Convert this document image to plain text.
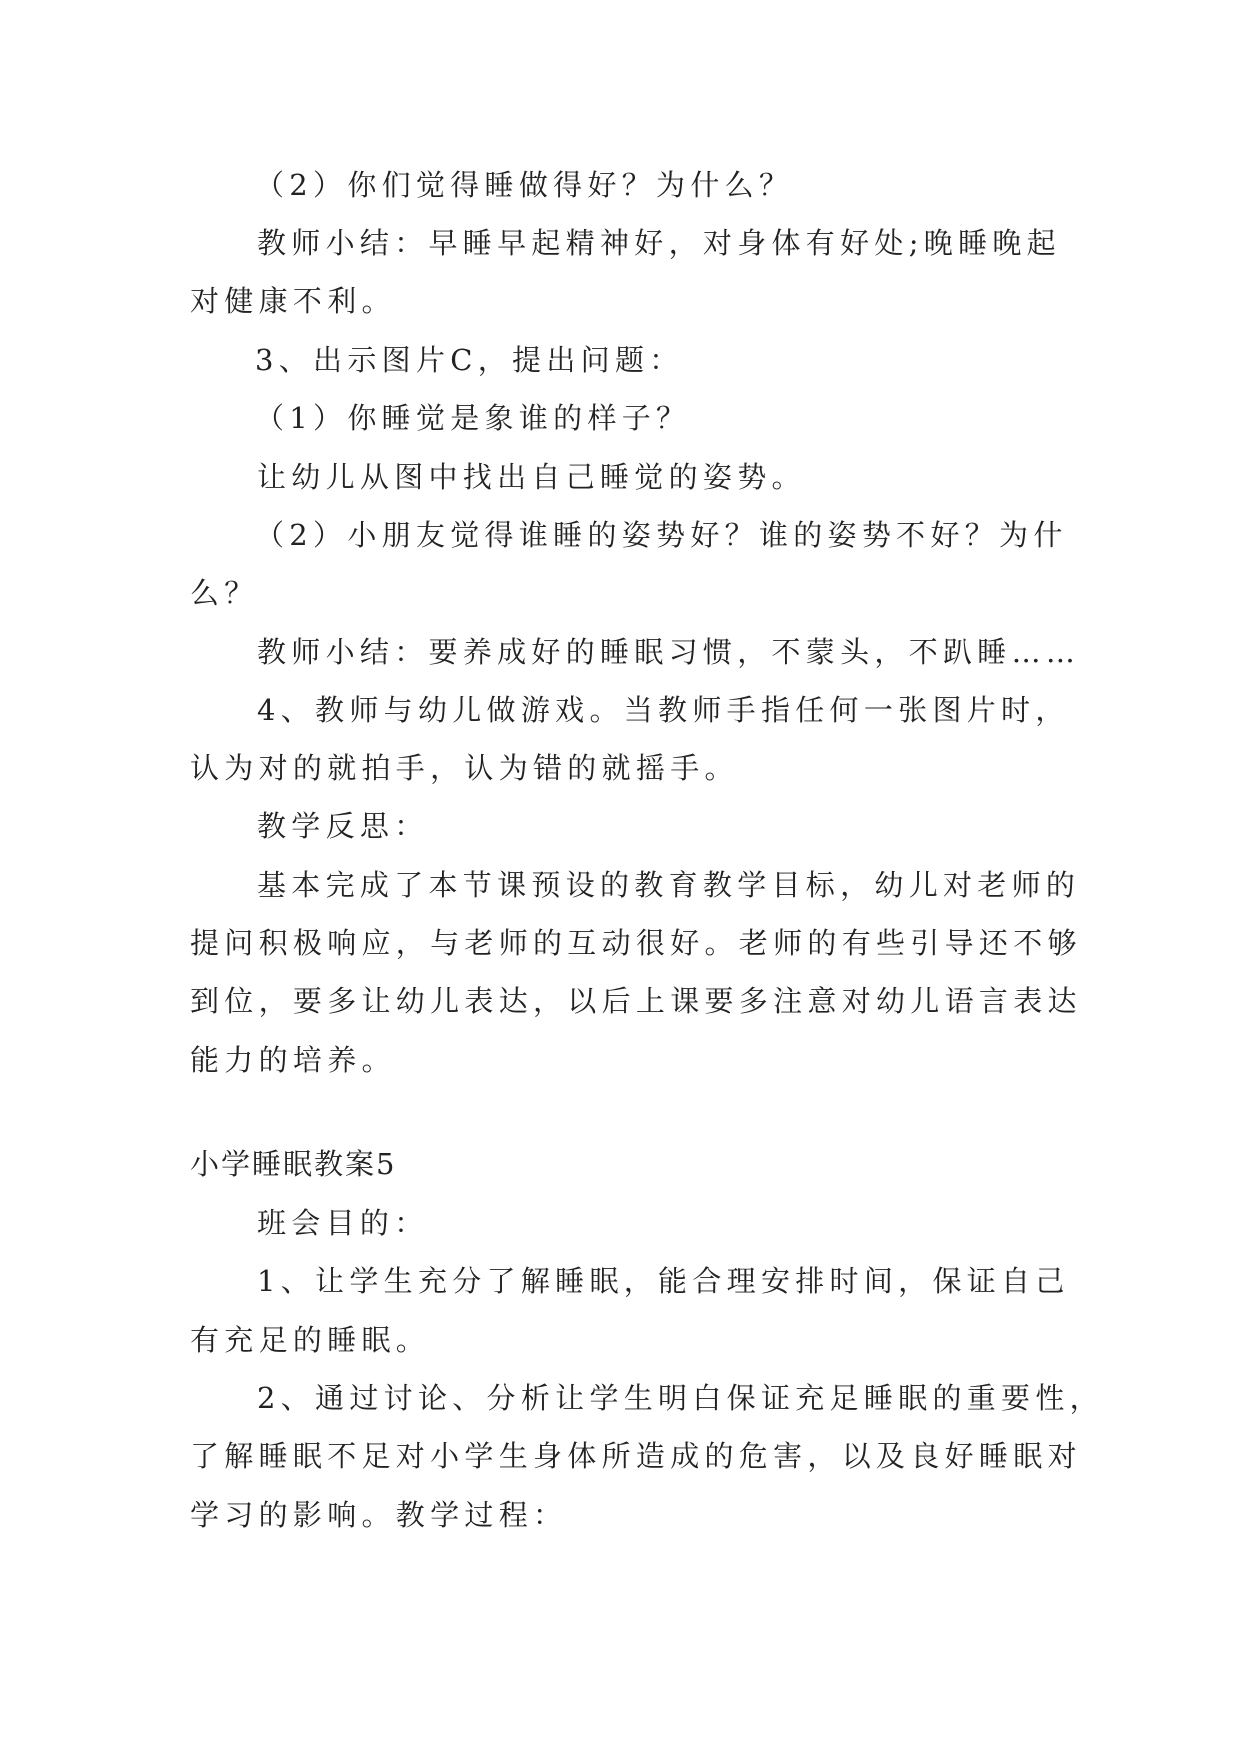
（2）你们觉得睡做得好？为什么？
教师小结：早睡早起精神好，对身体有好处;晚睡晚起
对健康不利。
3、出示图片C，提出问题：
（1）你睡觉是象谁的样子？
让幼儿从图中找出自己睡觉的姿势。
（2）小朋友觉得谁睡的姿势好？谁的姿势不好？为什
么？
教师小结：要养成好的睡眠习惯，不蒙头，不趴睡……
4、教师与幼儿做游戏。当教师手指任何一张图片时，
认为对的就拍手，认为错的就摇手。
教学反思：
基本完成了本节课预设的教育教学目标，幼儿对老师的
提问积极响应，与老师的互动很好。老师的有些引导还不够
到位，要多让幼儿表达，以后上课要多注意对幼儿语言表达
能力的培养。
小学睡眠教案5
班会目的：
1、让学生充分了解睡眠，能合理安排时间，保证自己
有充足的睡眠。
2、通过讨论、分析让学生明白保证充足睡眠的重要性，
了解睡眠不足对小学生身体所造成的危害，以及良好睡眠对
学习的影响。教学过程：
